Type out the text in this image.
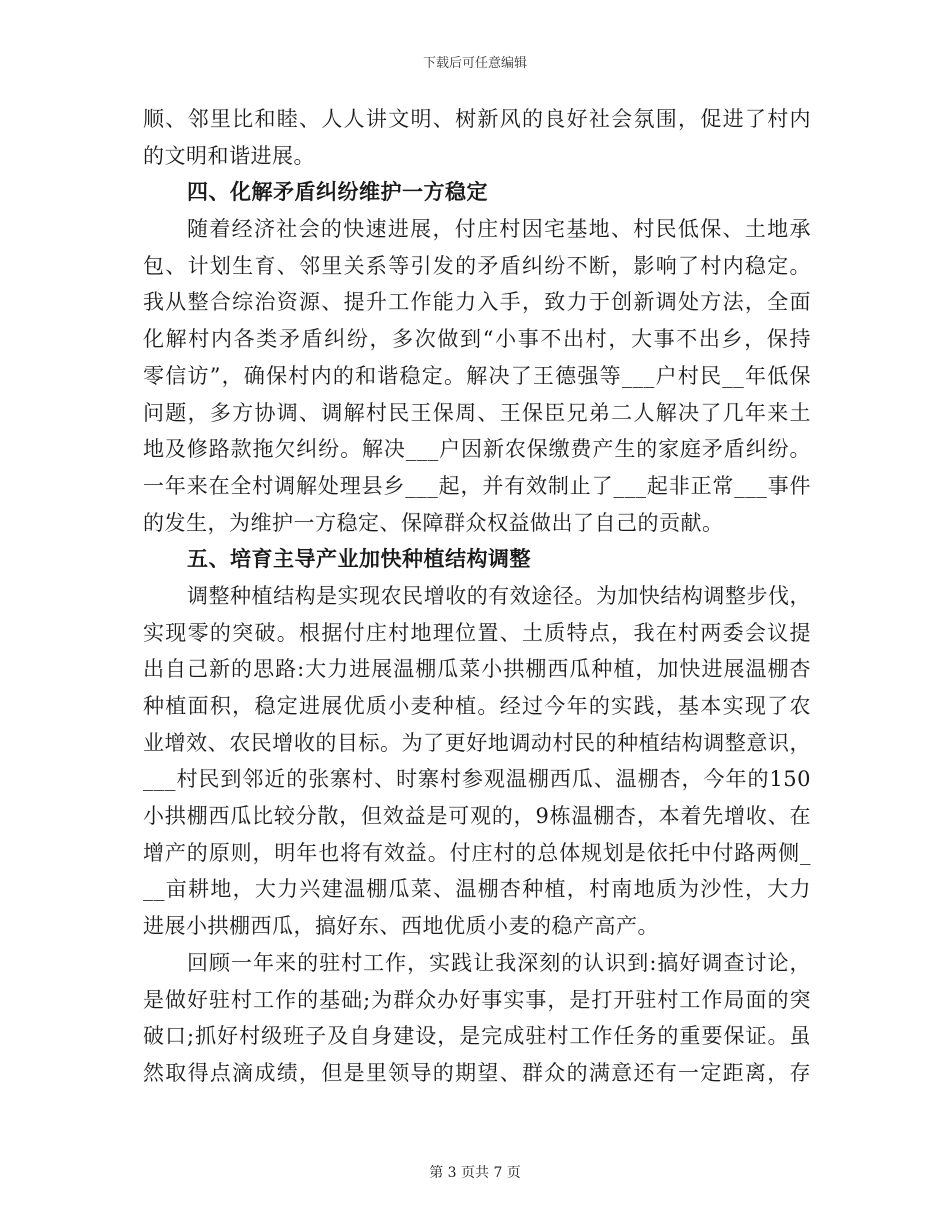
下载后可任意编辑
顺、邻里比和睦、人人讲文明、树新风的良好社会氛围，促进了村内
的文明和谐进展。
四、化解矛盾纠纷维护一方稳定
随着经济社会的快速进展，付庄村因宅基地、村民低保、土地承
包、计划生育、邻里关系等引发的矛盾纠纷不断，影响了村内稳定。
我从整合综治资源、提升工作能力入手，致力于创新调处方法，全面
化解村内各类矛盾纠纷，多次做到“小事不出村，大事不出乡，保持
零信访”，确保村内的和谐稳定。解决了王德强等___户村民__年低保
问题，多方协调、调解村民王保周、王保臣兄弟二人解决了几年来土
地及修路款拖欠纠纷。解决___户因新农保缴费产生的家庭矛盾纠纷。
一年来在全村调解处理县乡___起，并有效制止了___起非正常___事件
的发生，为维护一方稳定、保障群众权益做出了自己的贡献。
五、培育主导产业加快种植结构调整
调整种植结构是实现农民增收的有效途径。为加快结构调整步伐，
实现零的突破。根据付庄村地理位置、土质特点，我在村两委会议提
出自己新的思路:大力进展温棚瓜菜小拱棚西瓜种植，加快进展温棚杏
种植面积，稳定进展优质小麦种植。经过今年的实践，基本实现了农
业增效、农民增收的目标。为了更好地调动村民的种植结构调整意识，
___村民到邻近的张寨村、时寨村参观温棚西瓜、温棚杏，今年的150
小拱棚西瓜比较分散，但效益是可观的，9栋温棚杏，本着先增收、在
增产的原则，明年也将有效益。付庄村的总体规划是依托中付路两侧_
__亩耕地，大力兴建温棚瓜菜、温棚杏种植，村南地质为沙性，大力
进展小拱棚西瓜，搞好东、西地优质小麦的稳产高产。
回顾一年来的驻村工作，实践让我深刻的认识到:搞好调查讨论，
是做好驻村工作的基础;为群众办好事实事，是打开驻村工作局面的突
破口;抓好村级班子及自身建设，是完成驻村工作任务的重要保证。虽
然取得点滴成绩，但是里领导的期望、群众的满意还有一定距离，存
第 3 页共 7 页
